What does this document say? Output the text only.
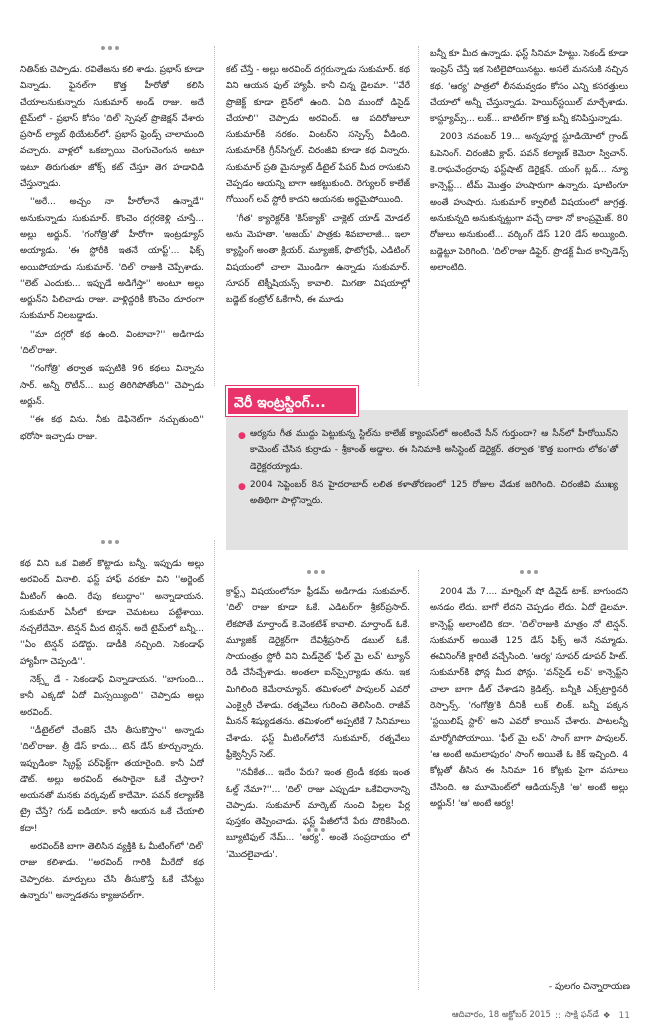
నితిన్‌కు చెప్పాడు. రవితేజను కలి శాడు. ప్రభాస్ కూడా విన్నాడు. ఫైనల్‌గా కొత్త హీరోతో కలిసి చేయాలనుకున్నారు సుకుమార్ అండ్ రాజు. అదే టైమ్‌లో - ప్రభాస్ కోసం 'దిల్' స్పెషల్ ప్రొజెక్షన్ వేశారు ప్రసాద్ ల్యాబ్ థియేటర్‌లో. ప్రభాస్ ఫ్రెండ్స్ చాలామంది వచ్చారు. వాళ్లలో ఒకబ్బాయి చెంగుచెంగున అటూ ఇటూ తిరుగుతూ జోక్స్ కట్ చేస్తూ తెగ హడావిడి చేస్తున్నాడు.

''అరే... అచ్చం నా హీరోలానే ఉన్నాడే'' అనుకున్నాడు సుకుమార్. కొంచెం దగ్గరకెళ్లి చూస్తే... అల్లు అర్జున్. 'గంగోత్రి'తో హీరోగా ఇంట్రడ్యూస్ అయ్యాడు. 'ఈ స్టోరీకి ఇతనే యాప్ట్'... ఫిక్స్ అయిపోయాడు సుకుమార్. 'దిల్' రాజుకి చెప్పేశాడు. ''లెట్ ఎందుకు... ఇప్పుడే అడిగేస్తా'' అంటూ అల్లు అర్జున్‌ని పిలిచాడు రాజు. వాళ్లిద్దరికీ కొంచెం దూరంగా సుకుమార్ నిలబడ్డాడు.

''మా దగ్గరో కథ ఉంది. వింటావా?'' అడిగాడు 'దిల్'రాజు.

''గంగోత్రి' తర్వాత ఇప్పటికి 96 కథలు విన్నాను సార్. అన్నీ రొటీన్... బుర్ర తిరిగిపోతోంది'' చెప్పాడు అర్జున్.

''ఈ కథ విను. నీకు డెఫినెట్‌గా నచ్చుతుంది'' భరోసా ఇచ్చాడు రాజు.

కథ విని ఒక విజిల్ కొట్టాడు బన్నీ. ఇప్పుడు అల్లు అరవింద్ వినాలి. ఫస్ట్ హాఫ్ వరకూ విని ''అర్జెంట్ మీటింగ్ ఉంది. రేపు కలుద్దాం'' అన్నాడాయన. సుకుమార్ ఏసీలో కూడా చెమటలు పట్టేశాయి. నచ్చలేదేమో. టెన్షన్ మీద టెన్షన్. అదే టైమ్‌లో బన్నీ... ''ఏం టెన్షన్ పడొద్దు. డాడీకి నచ్చింది. సెకండాఫ్ హ్యాపీగా చెప్పండి''.

నెక్స్ట్ డే - సెకండాఫ్ విన్నాడాయన. ''బాగుంది... కానీ ఎక్కడో ఏదో మిస్సయ్యింది'' చెప్పాడు అల్లు అరవింద్.

''డీటైల్‌లో చేంజెస్ చేసి తీసుకొస్తాం'' అన్నాడు 'దిల్'రాజు. త్రీ డేస్ కాదు... టెన్ డేస్ కూర్చున్నారు. ఇప్పుడింకా స్క్రిప్ట్ పర్‌ఫెక్ట్‌గా తయారైంది. కానీ ఏదో డౌట్. అల్లు అరవింద్ ఈసారైనా ఓకే చేస్తారా? అయనతో మనకు వర్కవుట్ కాదేమో. పవన్ కల్యాణ్‌కి ట్రై చేస్తే? గుడ్ ఐడియా. కానీ ఆయన ఒకే చేయాలి కదా!

అరవింద్‌కి బాగా తెలిసిన వ్యక్తికి ఓ మీటింగ్‌లో 'దిల్' రాజు కలిశాడు. ''అరవింద్ గారికి మీరేదో కథ చెప్పారట. మార్పులు చేసి తీసుకొస్తే ఓకే చేసేట్టు ఉన్నారు'' అన్నాడతను క్యాజువల్‌గా.

కట్ చేస్తే - అల్లు అరవింద్ దగ్గరున్నాడు సుకుమార్. కథ విని ఆయన ఫుల్ హ్యాపీ. కానీ చిన్న డైలమా. ''వేరే ప్రొజెక్ట్ కూడా లైన్‌లో ఉంది. ఏది ముందో డిసైడ్ చేయాలి'' చెప్పాడు అరవింద్. ఆ పదిరోజులూ సుకుమార్‌కి నరకం. వింటర్‌ని సస్పెన్స్ వీడింది. సుకుమార్‌కి గ్రీన్‌సిగ్నల్. చిరంజీవి కూడా కథ విన్నారు. సుకుమార్ ప్రతి మైన్యూట్ డీటైల్ పేపర్ మీద రాసుకుని చెప్పడం ఆయన్ని బాగా ఆకట్టుకుంది. రెగ్యులర్ కాలేజ్ గోయింగ్ లవ్ స్టోరీ కాదని ఆయనకు అర్థమైపోయింది.

'గీత' క్యారెక్టర్‌కి 'కిస్‌క్యాక్' చాక్లెట్ యాడ్ మోడల్ అను మెహతా. 'అజయ్' పాత్రకు శివబాలాజీ... ఇలా క్యాస్టింగ్ అంతా క్లియర్. మ్యూజిక్, ఫొటోగ్రఫీ, ఎడిటింగ్ విషయంలో చాలా మొండిగా ఉన్నాడు సుకుమార్. సూపర్ టెక్నీషియన్స్ కావాలి. మిగతా విషయాల్లో బడ్జెట్ కంట్రోల్ ఓకేగానీ, ఈ మూడు

బన్నీ కూ మీద ఉన్నాడు. ఫస్ట్ సినిమా హిట్టు. సెకండ్ కూడా ఇంప్రెస్ చేస్తే ఇక సెటిలైపోయినట్టు. అసలే మనసుకి నచ్చిన కథ. 'ఆర్య' పాత్రలో లీనమవ్వడం కోసం ఎన్ని కసరత్తులు చేయాలో అన్నీ చేస్తున్నాడు. హెయిర్‌స్టయిల్ మార్చేశాడు. కాస్ట్యూమ్స్... లుక్... బాటిల్‌గా కొత్త బన్నీ కనిపిస్తున్నాడు.

2003 నవంబర్ 19... అన్నపూర్ణ స్టూడియోలో గ్రాండ్ ఓపెనింగ్. చిరంజీవి క్లాప్. పవన్ కల్యాణ్ కెమెరా స్విచాన్. కె.రాఘవేంద్రరావు ఫస్ట్‌షాట్ డెరైక్షన్. యంగ్ బ్లడ్... న్యూ కాన్సెప్ట్... టీమ్ మొత్తం హుషారుగా ఉన్నారు. షూటింగూ అంతే హుషారు. సుకుమార్ క్వాలిటీ విషయంలో జాగ్రత్త. అనుకున్నది అనుకున్నట్టుగా వచ్చే దాకా నో కాంప్రమైజ్. 80 రోజులు అనుకుంటే... వర్కింగ్ డేస్ 120 డేస్ అయ్యింది. బడ్జెట్టూ పెరిగింది. 'దిల్'రాజు డిఫైర్. ప్రొడక్ట్ మీద కాన్ఫిడెన్స్ అలాంటిది.

● ఆర్యను గీత ముద్దు పెట్టుకున్న స్టిల్‌ను కాలేజ్ క్యాంపస్‌లో అంటించే సీన్ గుర్తుందా? ఆ సీన్‌లో హీరోయిన్‌ని కామెంట్ చేసిన కుర్రాడు - శ్రీకాంత్ అడ్డాల. ఈ సినిమాకి అసిస్టెంట్ డెరైక్టర్. తర్వాత 'కొత్త బంగారు లోకం'తో డెరైక్టరయ్యాడు.
● 2004 సెప్టెంబర్ 8న హైదరాబాద్ లలిత కళాతోరణంలో 125 రోజుల వేడుక జరిగింది. చిరంజీవి ముఖ్య అతిథిగా పాల్గొన్నారు.
వెరీ ఇంట్రస్టింగ్...

క్రాఫ్ట్స్ విషయంలోనూ ఫ్రీడమ్ అడిగాడు సుకుమార్. 'దిల్' రాజు కూడా ఓకే. ఎడిటర్‌గా శ్రీకర్‌ప్రసాద్. లేకపోతే మార్తాండ్ కె.వెంకటేశ్ కావాలి. మార్తాండ్ ఓకే. మ్యూజిక్ డెరైక్టర్‌గా దేవిశ్రీప్రసాద్ డబుల్ ఓకే. సాయంత్రం స్టోరీ విని మిడ్‌నైట్ 'ఫీల్ మై లవ్' ట్యూన్ రెడీ చేసేచ్చేశాడు. అంతలా ఐన్‌స్పైర్యాడు తను. ఇక మిగిలింది కెమేరామ్యాన్. తమిళంలో పాపులర్ ఎవరో ఎంక్వైరీ చేశాడు. రత్నవేలు గురించి తెలిసింది. రాజీవ్ మీనన్ శిష్యుడతను. తమిళంలో అప్పటికే 7 సినిమాలు చేశాడు. ఫస్ట్ మీటింగ్‌లోనే సుకుమార్, రత్నవేలు ఫ్రీక్వెన్సీస్ సెట్.

''నవీకేత... ఇదేం పేరు? ఇంత ట్రెండీ కథకు ఇంత ఓల్డ్ నేమా?''... 'దిల్' రాజు ఎప్పుడూ ఒకేవిధానాన్ని చెప్పాడు. సుకుమార్ మార్కెట్ నుంచి పిల్లల పేర్ల పుస్తకం తెప్పించాడు. ఫస్ట్ పేజీలోనే పేరు దొరికేసింది. బ్యూటిఫుల్ నేమ్... 'ఆర్య'. అంతే సంప్రదాయం లో 'మొదలైవాడు'.

2004 మే 7.... మార్నింగ్ షో డివైడ్ టాక్. బాగుందని అనడం లేదు. బాగో లేదని చెప్పడం లేదు. ఏదో డైలమా. కాన్సెప్ట్ అలాంటిది కదా. 'దిల్'రాజుకి మాత్రం నో టెన్షన్. సుకుమార్ అయితే 125 డేస్ ఫిక్స్ అనే నమ్మాడు. ఈవినింగ్‌కి క్లారిటీ వచ్చేసింది. 'ఆర్య' సూపర్ డూపర్ హిట్. సుకుమార్‌కి ఫోన్ల మీద ఫోన్లు. 'వన్‌సైడ్ లవ్' కాన్సెప్ట్‌ని చాలా బాగా డీల్ చేశాడని క్రెడిట్స్. బన్నీకి ఎక్స్‌ట్రార్డినరీ రెస్పాన్స్. 'గంగోత్రి'కి దీనికీ లుక్ లింక్. బన్నీ పక్కన 'స్టయిలిష్ స్టార్' అని ఎవరో కాయిన్ చేశారు. పాటలన్నీ మార్మోగిపోయాయి. 'ఫీల్ మై లవ్' సాంగ్ బాగా పాపులర్. 'ఆ అంటే అమలాపురం' సాంగ్ అయితే ఓ కిక్ ఇచ్చింది. 4 కోట్లతో తీసిన ఈ సినిమా 16 కోట్లకు పైగా వసూలు చేసింది. ఆ మూమెంట్‌లో ఆడియన్స్‌కి 'అ' అంటే అల్లు అర్జున్! 'ఆ' అంటే ఆర్య!

- పులగం చిన్నారాయణ
ఆదివారం, 18 అక్టోబర్ 2015 :: సాక్షి ఫన్‌డే ❖ 11
